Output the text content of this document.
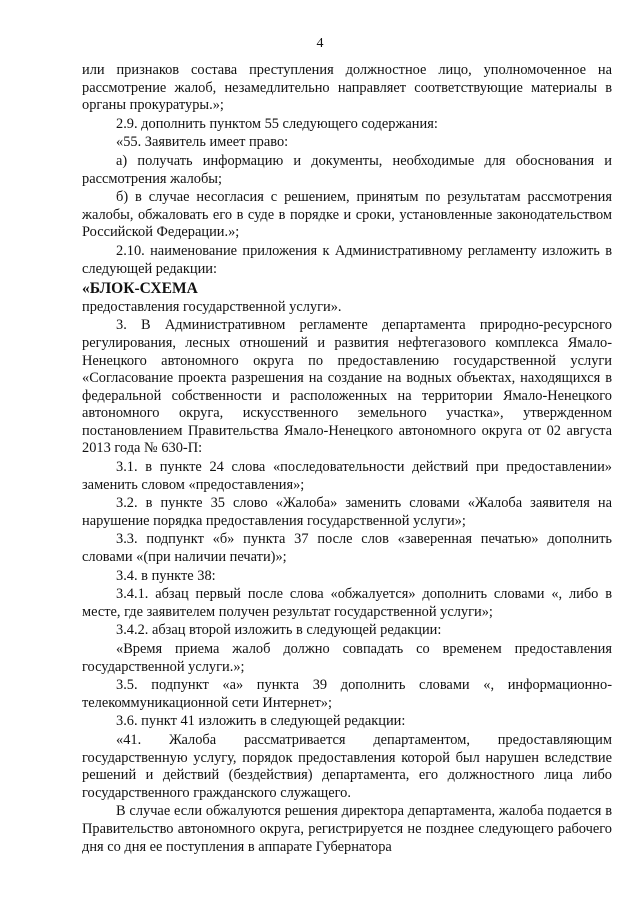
4

или признаков состава преступления должностное лицо, уполномоченное на рассмотрение жалоб, незамедлительно направляет соответствующие материалы в органы прокуратуры.»;

2.9. дополнить пунктом 55 следующего содержания:

«55. Заявитель имеет право:

а) получать информацию и документы, необходимые для обоснования и рассмотрения жалобы;

б) в случае несогласия с решением, принятым по результатам рассмотрения жалобы, обжаловать его в суде в порядке и сроки, установленные законодательством Российской Федерации.»;

2.10. наименование приложения к Административному регламенту изложить в следующей редакции:

«БЛОК-СХЕМА

предоставления государственной услуги».

3. В Административном регламенте департамента природно-ресурсного регулирования, лесных отношений и развития нефтегазового комплекса Ямало-Ненецкого автономного округа по предоставлению государственной услуги «Согласование проекта разрешения на создание на водных объектах, находящихся в федеральной собственности и расположенных на территории Ямало-Ненецкого автономного округа, искусственного земельного участка», утвержденном постановлением Правительства Ямало-Ненецкого автономного округа от 02 августа 2013 года № 630-П:

3.1. в пункте 24 слова «последовательности действий при предоставлении» заменить словом «предоставления»;

3.2. в пункте 35 слово «Жалоба» заменить словами «Жалоба заявителя на нарушение порядка предоставления государственной услуги»;

3.3. подпункт «б» пункта 37 после слов «заверенная печатью» дополнить словами «(при наличии печати)»;

3.4. в пункте 38:

3.4.1. абзац первый после слова «обжалуется» дополнить словами «, либо в месте, где заявителем получен результат государственной услуги»;

3.4.2. абзац второй изложить в следующей редакции:

«Время приема жалоб должно совпадать со временем предоставления государственной услуги.»;

3.5. подпункт «а» пункта 39 дополнить словами «, информационно-телекоммуникационной сети Интернет»;

3.6. пункт 41 изложить в следующей редакции:

«41. Жалоба рассматривается департаментом, предоставляющим государственную услугу, порядок предоставления которой был нарушен вследствие решений и действий (бездействия) департамента, его должностного лица либо государственного гражданского служащего.

В случае если обжалуются решения директора департамента, жалоба подается в Правительство автономного округа, регистрируется не позднее следующего рабочего дня со дня ее поступления в аппарате Губернатора
